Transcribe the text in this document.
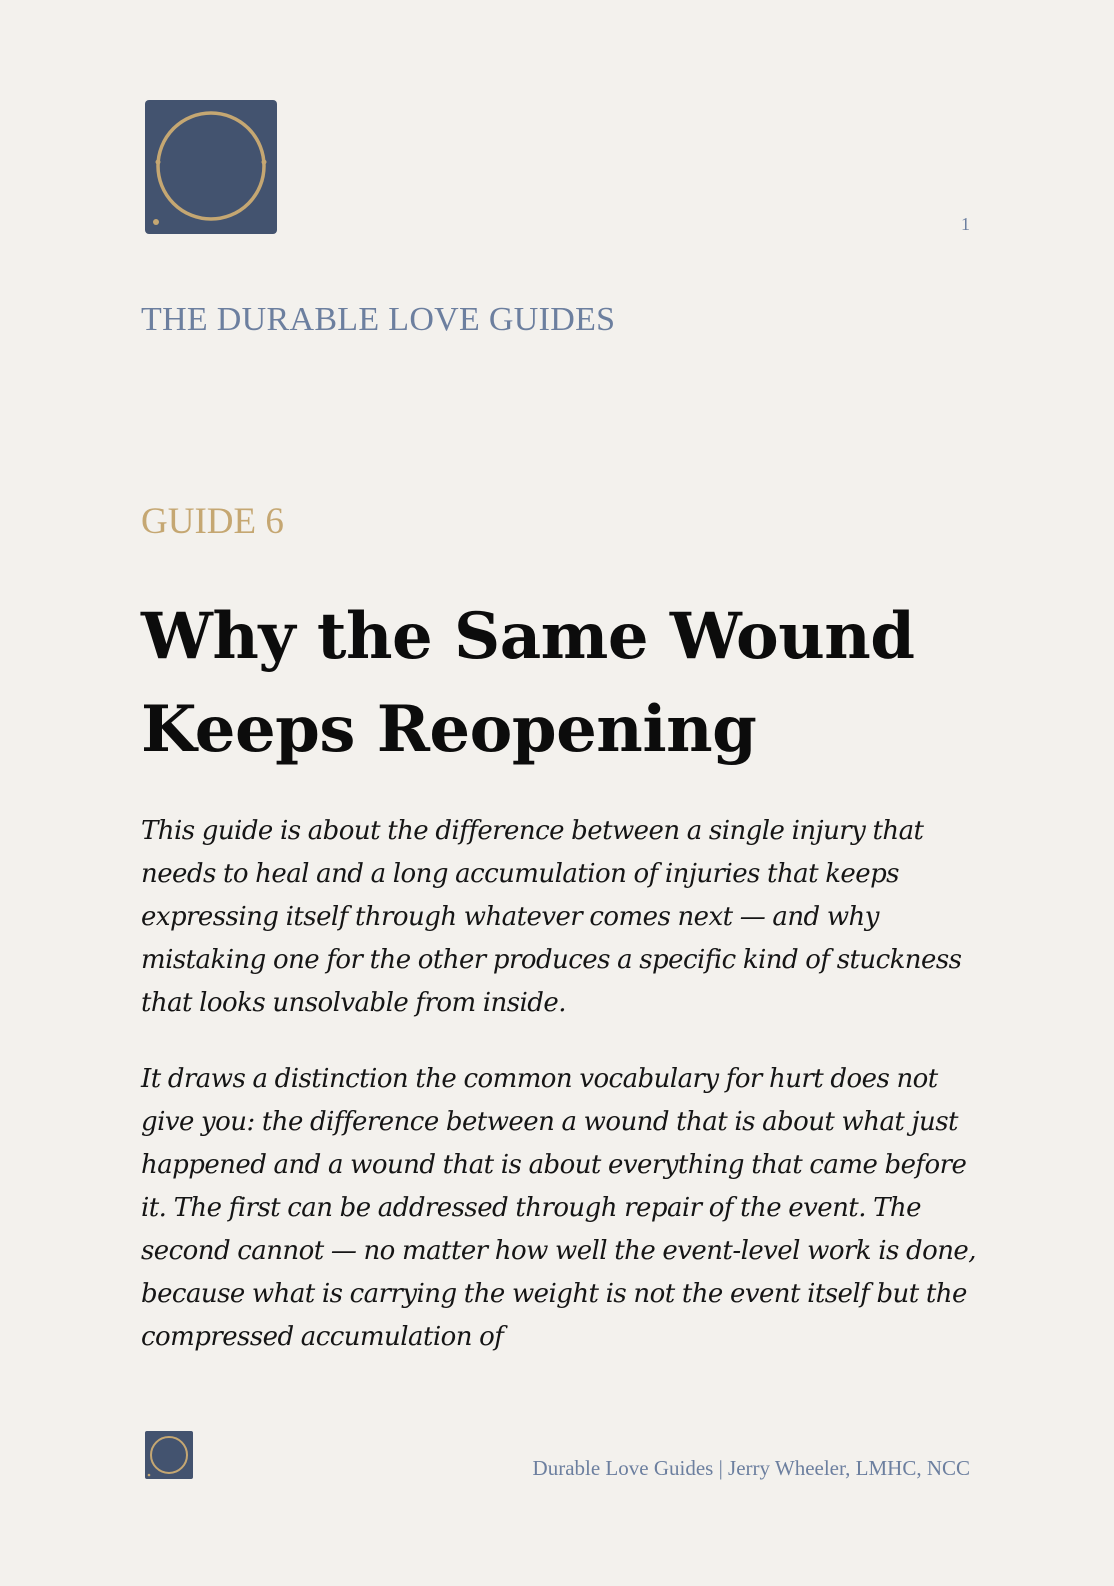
1
THE DURABLE LOVE GUIDES
GUIDE 6
Why the Same Wound Keeps Reopening

This guide is about the difference between a single injury that needs to heal and a long accumulation of injuries that keeps expressing itself through whatever comes next — and why mistaking one for the other produces a specific kind of stuckness that looks unsolvable from inside.

It draws a distinction the common vocabulary for hurt does not give you: the difference between a wound that is about what just happened and a wound that is about everything that came before it. The first can be addressed through repair of the event. The second cannot — no matter how well the event-level work is done, because what is carrying the weight is not the event itself but the compressed accumulation of

Durable Love Guides | Jerry Wheeler, LMHC, NCC
